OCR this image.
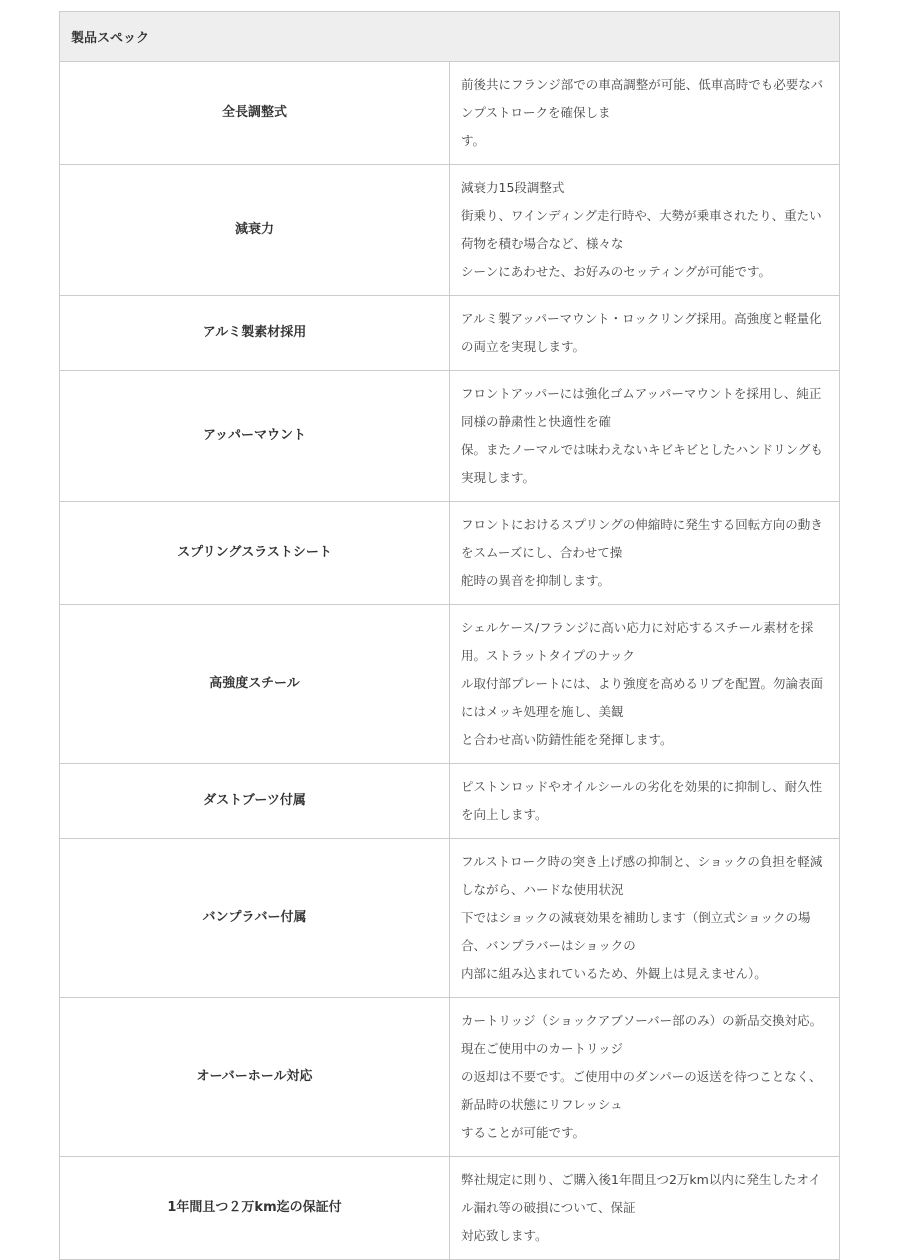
製品スペック	
全長調整式	前後共にフランジ部での車高調整が可能、低車高時でも必要なバンプストロークを確保しま
す。

減衰力	減衰力15段調整式
街乗り、ワインディング走行時や、大勢が乗車されたり、重たい荷物を積む場合など、様々な
シーンにあわせた、お好みのセッティングが可能です。

アルミ製素材採用	アルミ製アッパーマウント・ロックリング採用。高強度と軽量化の両立を実現します。

アッパーマウント	フロントアッパーには強化ゴムアッパーマウントを採用し、純正同様の静粛性と快適性を確
保。またノーマルでは味わえないキビキビとしたハンドリングも実現します。

スプリングスラストシート	フロントにおけるスプリングの伸縮時に発生する回転方向の動きをスムーズにし、合わせて操
舵時の異音を抑制します。

高強度スチール	シェルケース/フランジに高い応力に対応するスチール素材を採用。ストラットタイプのナック
ル取付部プレートには、より強度を高めるリブを配置。勿論表面にはメッキ処理を施し、美観
と合わせ高い防錆性能を発揮します。

ダストブーツ付属	ピストンロッドやオイルシールの劣化を効果的に抑制し、耐久性を向上します。

バンプラバー付属	フルストローク時の突き上げ感の抑制と、ショックの負担を軽減しながら、ハードな使用状況
下ではショックの減衰効果を補助します（倒立式ショックの場合、バンプラバーはショックの
内部に組み込まれているため、外観上は見えません）。

オーバーホール対応	カートリッジ（ショックアブソーバー部のみ）の新品交換対応。現在ご使用中のカートリッジ
の返却は不要です。ご使用中のダンパーの返送を待つことなく、新品時の状態にリフレッシュ
することが可能です。

1年間且つ２万km迄の保証付	弊社規定に則り、ご購入後1年間且つ2万km以内に発生したオイル漏れ等の破損について、保証
対応致します。
